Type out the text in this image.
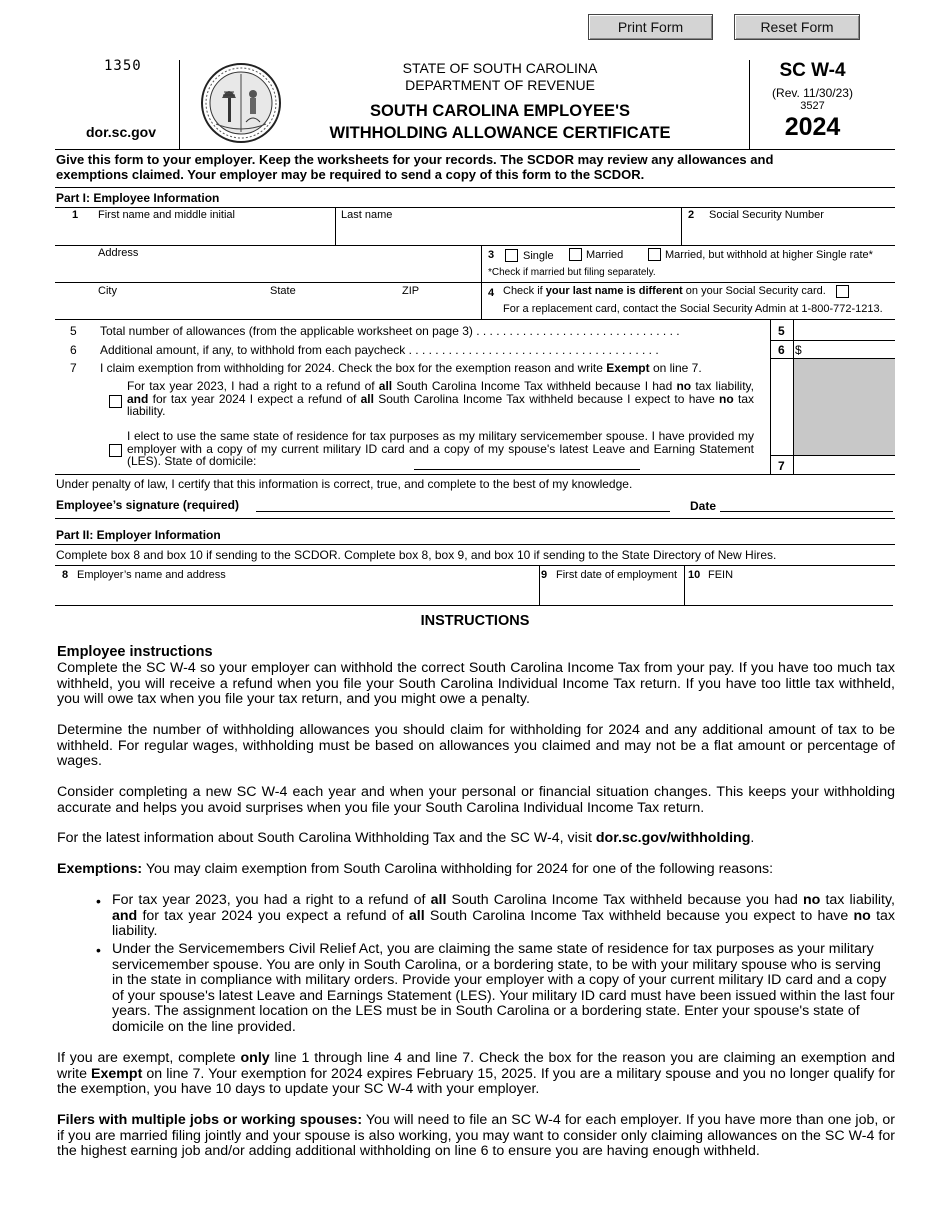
Print Form	Reset Form
1350
dor.sc.gov
STATE OF SOUTH CAROLINA
DEPARTMENT OF REVENUE
SOUTH CAROLINA EMPLOYEE'S
WITHHOLDING ALLOWANCE CERTIFICATE
SC W-4
(Rev. 11/30/23)
3527
2024
Give this form to your employer. Keep the worksheets for your records. The SCDOR may review any allowances and
exemptions claimed. Your employer may be required to send a copy of this form to the SCDOR.
Part I: Employee Information
1 First name and middle initial	Last name	2 Social Security Number
Address	3	Single	Married	Married, but withhold at higher Single rate*
*Check if married but filing separately.
City	State	ZIP	4 Check if your last name is different on your Social Security card.
For a replacement card, contact the Social Security Admin at 1-800-772-1213.
5 Total number of allowances (from the applicable worksheet on page 3) . . . . . . . . . . . . . . . . . . . . . . . . . . . . . . .	5
6 Additional amount, if any, to withhold from each paycheck . . . . . . . . . . . . . . . . . . . . . . . . . . . . . . . . . . . . . .	6 $
7 I claim exemption from withholding for 2024. Check the box for the exemption reason and write Exempt on line 7.
For tax year 2023, I had a right to a refund of all South Carolina Income Tax withheld because I had no tax liability, and for tax year 2024 I expect a refund of all South Carolina Income Tax withheld because I expect to have no tax liability.
I elect to use the same state of residence for tax purposes as my military servicemember spouse. I have provided my employer with a copy of my current military ID card and a copy of my spouse's latest Leave and Earning Statement (LES). State of domicile:	7
Under penalty of law, I certify that this information is correct, true, and complete to the best of my knowledge.
Employee’s signature (required)	Date
Part II: Employer Information
Complete box 8 and box 10 if sending to the SCDOR. Complete box 8, box 9, and box 10 if sending to the State Directory of New Hires.
8 Employer’s name and address	9 First date of employment 10 FEIN
INSTRUCTIONS
Employee instructions
Complete the SC W-4 so your employer can withhold the correct South Carolina Income Tax from your pay. If you have too much tax withheld, you will receive a refund when you file your South Carolina Individual Income Tax return. If you have too little tax withheld, you will owe tax when you file your tax return, and you might owe a penalty.
Determine the number of withholding allowances you should claim for withholding for 2024 and any additional amount of tax to be withheld. For regular wages, withholding must be based on allowances you claimed and may not be a flat amount or percentage of wages.
Consider completing a new SC W-4 each year and when your personal or financial situation changes. This keeps your withholding accurate and helps you avoid surprises when you file your South Carolina Individual Income Tax return.
For the latest information about South Carolina Withholding Tax and the SC W-4, visit dor.sc.gov/withholding.
Exemptions: You may claim exemption from South Carolina withholding for 2024 for one of the following reasons:
• For tax year 2023, you had a right to a refund of all South Carolina Income Tax withheld because you had no tax liability, and for tax year 2024 you expect a refund of all South Carolina Income Tax withheld because you expect to have no tax liability.
• Under the Servicemembers Civil Relief Act, you are claiming the same state of residence for tax purposes as your military servicemember spouse. You are only in South Carolina, or a bordering state, to be with your military spouse who is serving in the state in compliance with military orders. Provide your employer with a copy of your current military ID card and a copy of your spouse's latest Leave and Earnings Statement (LES). Your military ID card must have been issued within the last four years. The assignment location on the LES must be in South Carolina or a bordering state. Enter your spouse's state of domicile on the line provided.
If you are exempt, complete only line 1 through line 4 and line 7. Check the box for the reason you are claiming an exemption and write Exempt on line 7. Your exemption for 2024 expires February 15, 2025. If you are a military spouse and you no longer qualify for the exemption, you have 10 days to update your SC W-4 with your employer.
Filers with multiple jobs or working spouses: You will need to file an SC W-4 for each employer. If you have more than one job, or if you are married filing jointly and your spouse is also working, you may want to consider only claiming allowances on the SC W-4 for the highest earning job and/or adding additional withholding on line 6 to ensure you are having enough withheld.
